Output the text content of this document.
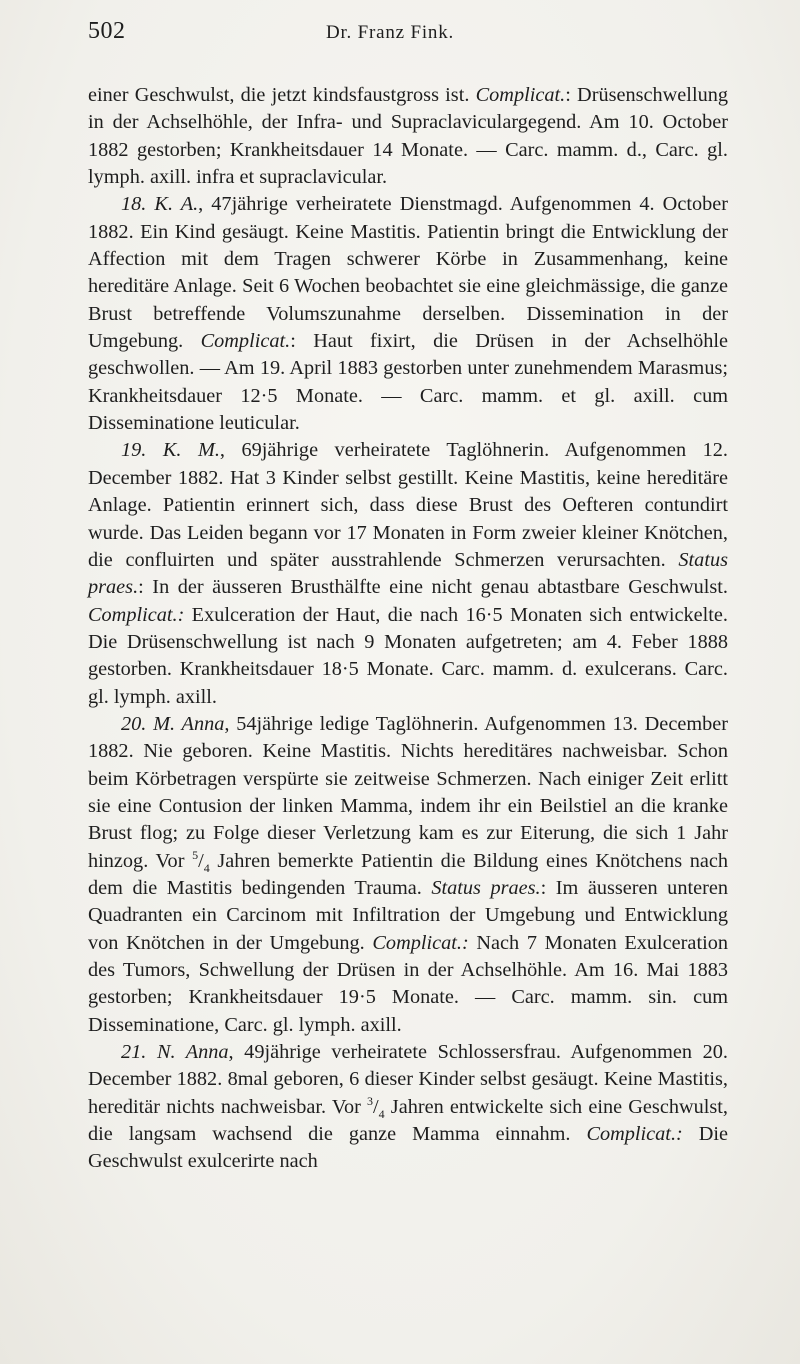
502	Dr. Franz Fink.

einer Geschwulst, die jetzt kindsfaustgross ist. Complicat.: Drüsenschwellung in der Achselhöhle, der Infra- und Supraclaviculargegend. Am 10. October 1882 gestorben; Krankheitsdauer 14 Monate. — Carc. mamm. d., Carc. gl. lymph. axill. infra et supraclavicular.

18. K. A., 47jährige verheiratete Dienstmagd. Aufgenommen 4. October 1882. Ein Kind gesäugt. Keine Mastitis. Patientin bringt die Entwicklung der Affection mit dem Tragen schwerer Körbe in Zusammenhang, keine hereditäre Anlage. Seit 6 Wochen beobachtet sie eine gleichmässige, die ganze Brust betreffende Volumszunahme derselben. Dissemination in der Umgebung. Complicat.: Haut fixirt, die Drüsen in der Achselhöhle geschwollen. — Am 19. April 1883 gestorben unter zunehmendem Marasmus; Krankheitsdauer 12·5 Monate. — Carc. mamm. et gl. axill. cum Disseminatione leuticular.

19. K. M., 69jährige verheiratete Taglöhnerin. Aufgenommen 12. December 1882. Hat 3 Kinder selbst gestillt. Keine Mastitis, keine hereditäre Anlage. Patientin erinnert sich, dass diese Brust des Oefteren contundirt wurde. Das Leiden begann vor 17 Monaten in Form zweier kleiner Knötchen, die confluirten und später ausstrahlende Schmerzen verursachten. Status praes.: In der äusseren Brusthälfte eine nicht genau abtastbare Geschwulst. Complicat.: Exulceration der Haut, die nach 16·5 Monaten sich entwickelte. Die Drüsenschwellung ist nach 9 Monaten aufgetreten; am 4. Feber 1888 gestorben. Krankheitsdauer 18·5 Monate. Carc. mamm. d. exulcerans. Carc. gl. lymph. axill.

20. M. Anna, 54jährige ledige Taglöhnerin. Aufgenommen 13. December 1882. Nie geboren. Keine Mastitis. Nichts hereditäres nachweisbar. Schon beim Körbetragen verspürte sie zeitweise Schmerzen. Nach einiger Zeit erlitt sie eine Contusion der linken Mamma, indem ihr ein Beilstiel an die kranke Brust flog; zu Folge dieser Verletzung kam es zur Eiterung, die sich 1 Jahr hinzog. Vor $^5/_4$ Jahren bemerkte Patientin die Bildung eines Knötchens nach dem die Mastitis bedingenden Trauma. Status praes.: Im äusseren unteren Quadranten ein Carcinom mit Infiltration der Umgebung und Entwicklung von Knötchen in der Umgebung. Complicat.: Nach 7 Monaten Exulceration des Tumors, Schwellung der Drüsen in der Achselhöhle. Am 16. Mai 1883 gestorben; Krankheitsdauer 19·5 Monate. — Carc. mamm. sin. cum Disseminatione, Carc. gl. lymph. axill.

21. N. Anna, 49jährige verheiratete Schlossersfrau. Aufgenommen 20. December 1882. 8mal geboren, 6 dieser Kinder selbst gesäugt. Keine Mastitis, hereditär nichts nachweisbar. Vor $^3/_4$ Jahren entwickelte sich eine Geschwulst, die langsam wachsend die ganze Mamma einnahm. Complicat.: Die Geschwulst exulcerirte nach
